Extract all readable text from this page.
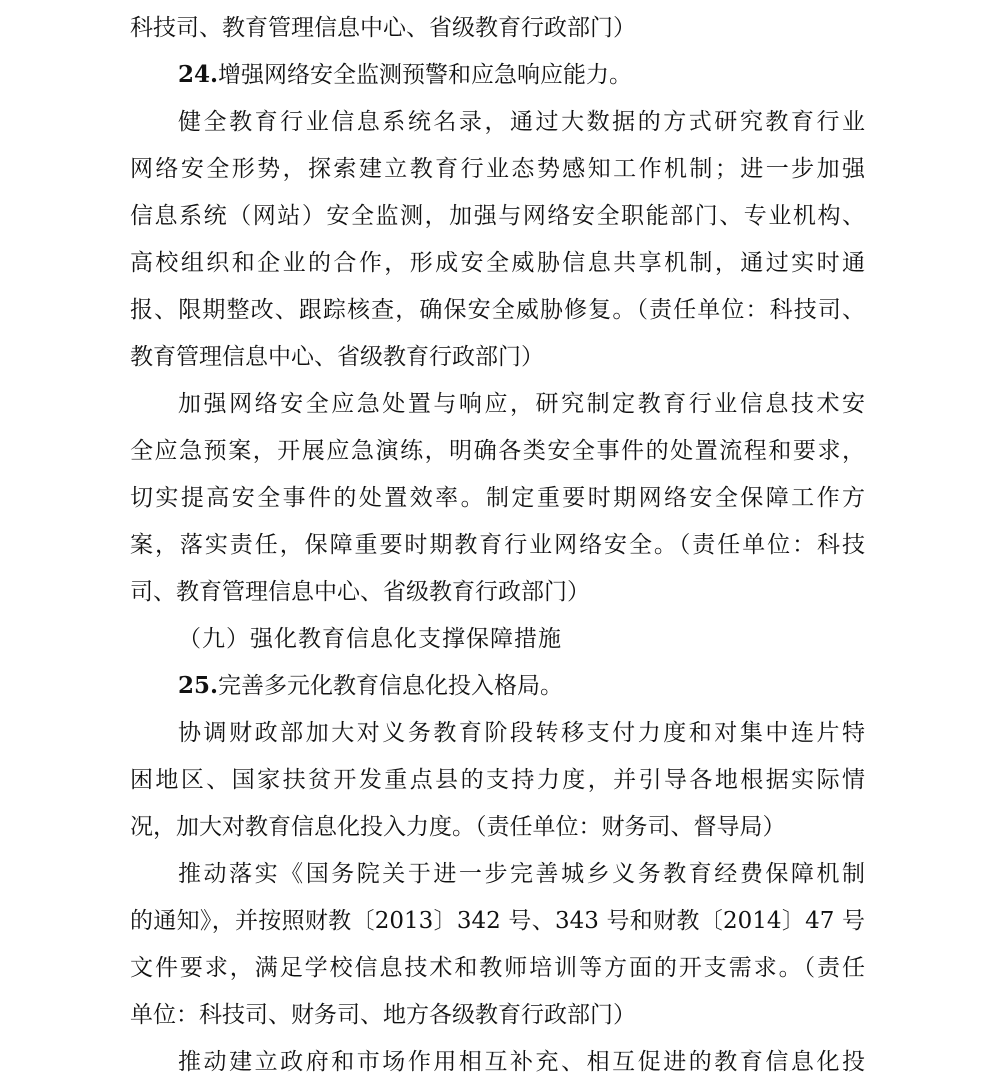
科技司、教育管理信息中心、省级教育行政部门）
24.增强网络安全监测预警和应急响应能力。
健全教育行业信息系统名录，通过大数据的方式研究教育行业
网络安全形势，探索建立教育行业态势感知工作机制；进一步加强
信息系统（网站）安全监测，加强与网络安全职能部门、专业机构、
高校组织和企业的合作，形成安全威胁信息共享机制，通过实时通
报、限期整改、跟踪核查，确保安全威胁修复。（责任单位：科技司、
教育管理信息中心、省级教育行政部门）
加强网络安全应急处置与响应，研究制定教育行业信息技术安
全应急预案，开展应急演练，明确各类安全事件的处置流程和要求，
切实提高安全事件的处置效率。制定重要时期网络安全保障工作方
案，落实责任，保障重要时期教育行业网络安全。（责任单位：科技
司、教育管理信息中心、省级教育行政部门）
（九）强化教育信息化支撑保障措施
25.完善多元化教育信息化投入格局。
协调财政部加大对义务教育阶段转移支付力度和对集中连片特
困地区、国家扶贫开发重点县的支持力度，并引导各地根据实际情
况，加大对教育信息化投入力度。（责任单位：财务司、督导局）
推动落实《国务院关于进一步完善城乡义务教育经费保障机制
的通知》，并按照财教〔2013〕342 号、343 号和财教〔2014〕47 号
文件要求，满足学校信息技术和教师培训等方面的开支需求。（责任
单位：科技司、财务司、地方各级教育行政部门）
推动建立政府和市场作用相互补充、相互促进的教育信息化投
